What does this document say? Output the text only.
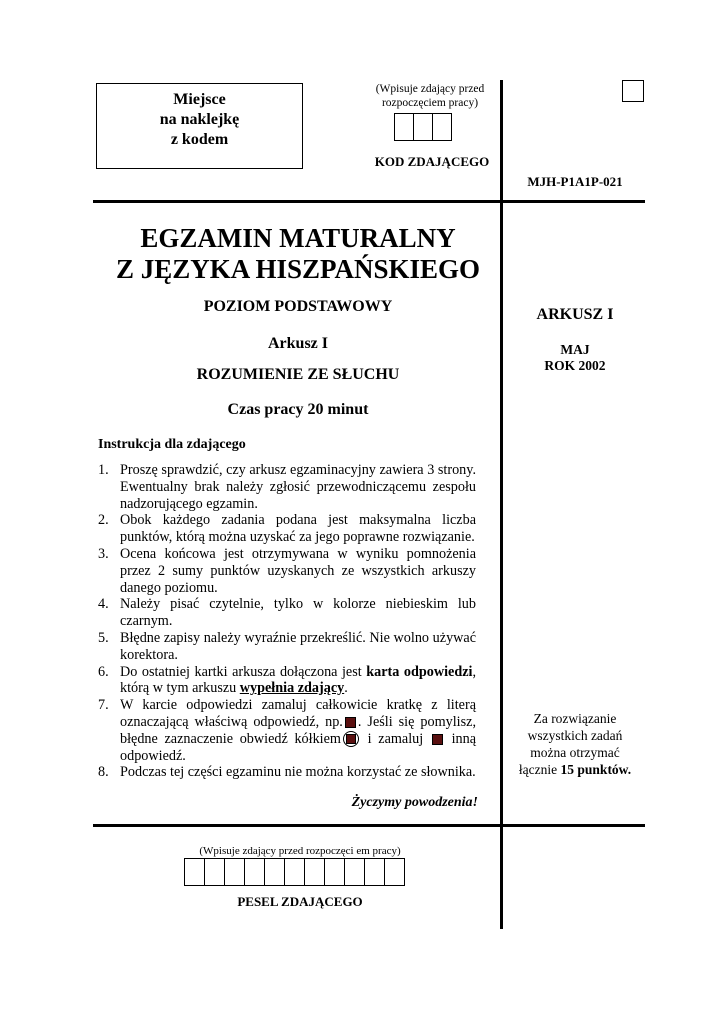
Miejsce
na naklejkę
z kodem
(Wpisuje zdający przed
rozpoczęciem pracy)
KOD ZDAJĄCEGO
MJH-P1A1P-021
EGZAMIN MATURALNY
Z JĘZYKA HISZPAŃSKIEGO
POZIOM PODSTAWOWY
Arkusz I
ROZUMIENIE ZE SŁUCHU
Czas pracy 20 minut
Instrukcja dla zdającego
1. Proszę sprawdzić, czy arkusz egzaminacyjny zawiera 3 strony. Ewentualny brak należy zgłosić przewodniczącemu zespołu nadzorującego egzamin.
2. Obok każdego zadania podana jest maksymalna liczba punktów, którą można uzyskać za jego poprawne rozwiązanie.
3. Ocena końcowa jest otrzymywana w wyniku pomnożenia przez 2 sumy punktów uzyskanych ze wszystkich arkuszy danego poziomu.
4. Należy pisać czytelnie, tylko w kolorze niebieskim lub czarnym.
5. Błędne zapisy należy wyraźnie przekreślić. Nie wolno używać korektora.
6. Do ostatniej kartki arkusza dołączona jest karta odpowiedzi, którą w tym arkuszu wypełnia zdający.
7. W karcie odpowiedzi zamaluj całkowicie kratkę z literą oznaczającą właściwą odpowiedź, np. . Jeśli się pomylisz, błędne zaznaczenie obwiedź kółkiem i zamaluj  inną odpowiedź.
8. Podczas tej części egzaminu nie można korzystać ze słownika.
Życzymy powodzenia!
ARKUSZ I
MAJ
ROK 2002
Za rozwiązanie
wszystkich zadań
można otrzymać
łącznie 15 punktów.
(Wpisuje zdający przed rozpoczęci em pracy)
PESEL ZDAJĄCEGO
